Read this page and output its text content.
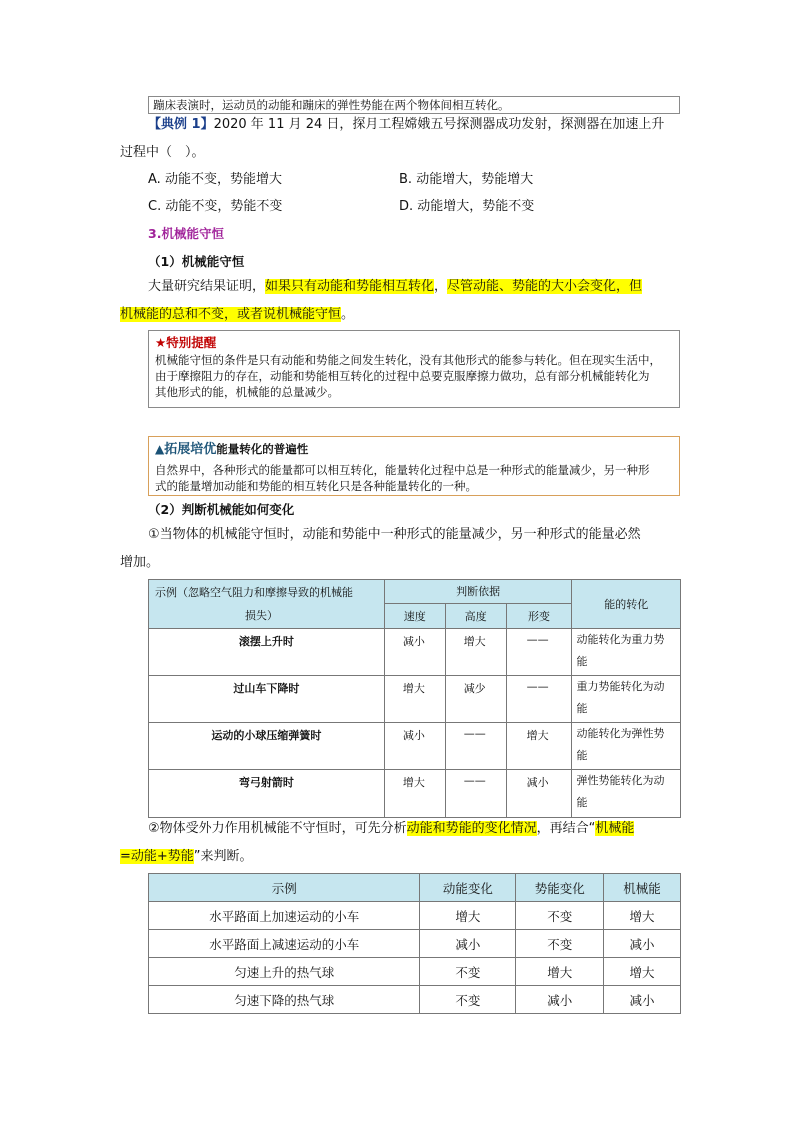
蹦床表演时，运动员的动能和蹦床的弹性势能在两个物体间相互转化。
【典例 1】2020 年 11 月 24 日，探月工程嫦娥五号探测器成功发射，探测器在加速上升
过程中（　）。
A. 动能不变，势能增大	B. 动能增大，势能增大
C. 动能不变，势能不变	D. 动能增大，势能不变
3.机械能守恒
（1）机械能守恒
大量研究结果证明，如果只有动能和势能相互转化，尽管动能、势能的大小会变化，但
机械能的总和不变，或者说机械能守恒。
★特别提醒
机械能守恒的条件是只有动能和势能之间发生转化，没有其他形式的能参与转化。但在现实生活中，
由于摩擦阻力的存在，动能和势能相互转化的过程中总要克服摩擦力做功，总有部分机械能转化为
其他形式的能，机械能的总量减少。
▲拓展培优能量转化的普遍性
自然界中，各种形式的能量都可以相互转化，能量转化过程中总是一种形式的能量减少，另一种形
式的能量增加动能和势能的相互转化只是各种能量转化的一种。
（2）判断机械能如何变化
①当物体的机械能守恒时，动能和势能中一种形式的能量减少，另一种形式的能量必然
增加。
示例（忽略空气阻力和摩擦导致的机械能
损失）	判断依据			能的转化
	速度	高度	形变	
滚摆上升时	减小	增大	——	动能转化为重力势
能

过山车下降时	增大	减少	——	重力势能转化为动
能

运动的小球压缩弹簧时	减小	——	增大	动能转化为弹性势
能

弯弓射箭时	增大	——	减小	弹性势能转化为动
能
②物体受外力作用机械能不守恒时，可先分析动能和势能的变化情况，再结合“机械能
=动能+势能”来判断。
示例	动能变化	势能变化	机械能
水平路面上加速运动的小车	增大	不变	增大
水平路面上减速运动的小车	减小	不变	减小
匀速上升的热气球	不变	增大	增大
匀速下降的热气球	不变	减小	减小
